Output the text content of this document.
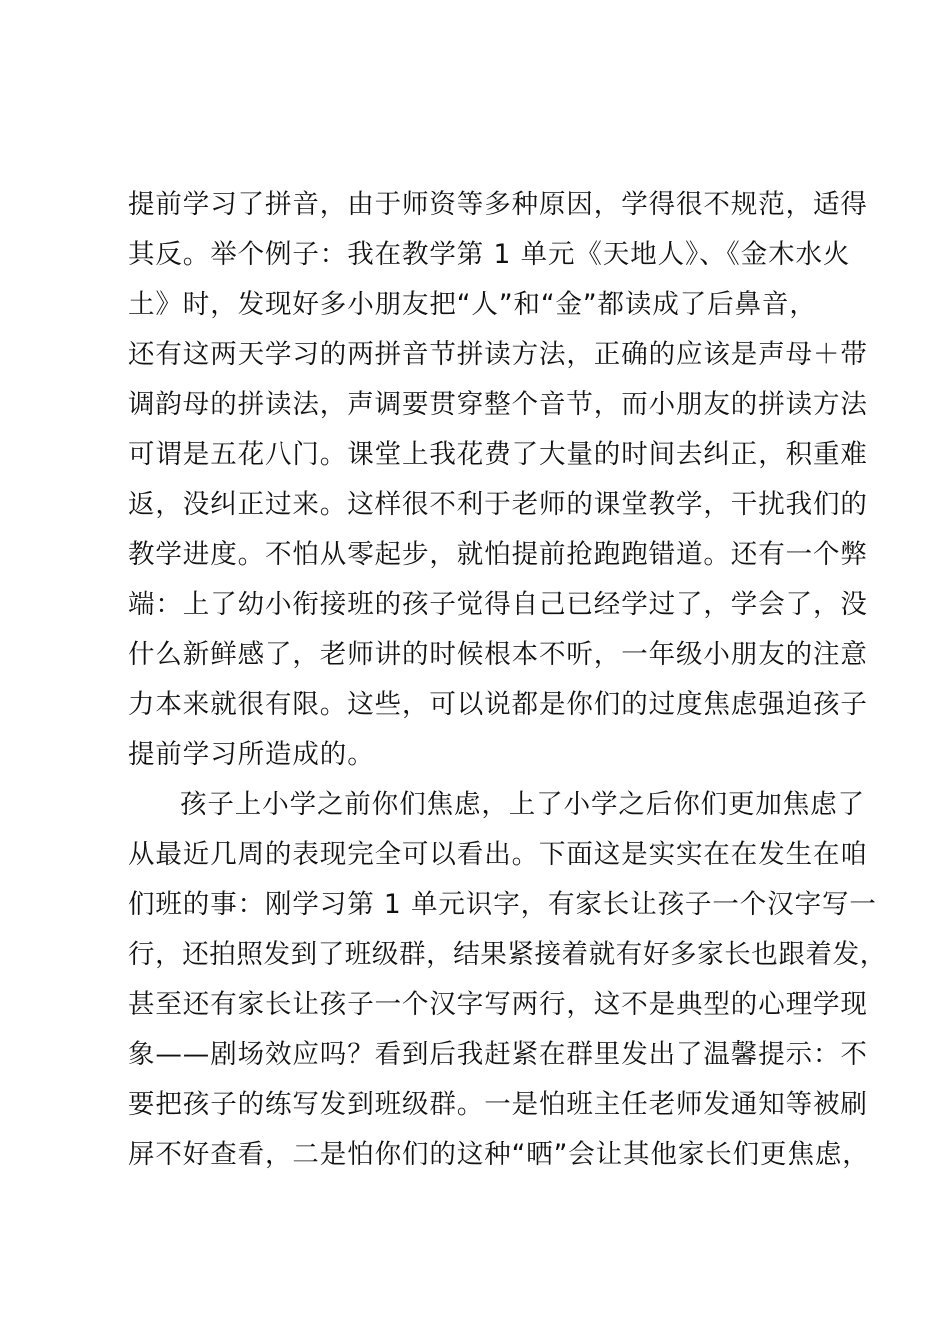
提前学习了拼音，由于师资等多种原因，学得很不规范，适得
其反。举个例子：我在教学第 1 单元《天地人》、《金木水火
土》时，发现好多小朋友把“人”和“金”都读成了后鼻音，
还有这两天学习的两拼音节拼读方法，正确的应该是声母＋带
调韵母的拼读法，声调要贯穿整个音节，而小朋友的拼读方法
可谓是五花八门。课堂上我花费了大量的时间去纠正，积重难
返，没纠正过来。这样很不利于老师的课堂教学，干扰我们的
教学进度。不怕从零起步，就怕提前抢跑跑错道。还有一个弊
端：上了幼小衔接班的孩子觉得自己已经学过了，学会了，没
什么新鲜感了，老师讲的时候根本不听，一年级小朋友的注意
力本来就很有限。这些，可以说都是你们的过度焦虑强迫孩子
提前学习所造成的。
孩子上小学之前你们焦虑，上了小学之后你们更加焦虑了
从最近几周的表现完全可以看出。下面这是实实在在发生在咱
们班的事：刚学习第 1 单元识字，有家长让孩子一个汉字写一
行，还拍照发到了班级群，结果紧接着就有好多家长也跟着发，
甚至还有家长让孩子一个汉字写两行，这不是典型的心理学现
象——剧场效应吗？看到后我赶紧在群里发出了温馨提示：不
要把孩子的练写发到班级群。一是怕班主任老师发通知等被刷
屏不好查看，二是怕你们的这种“晒”会让其他家长们更焦虑，
